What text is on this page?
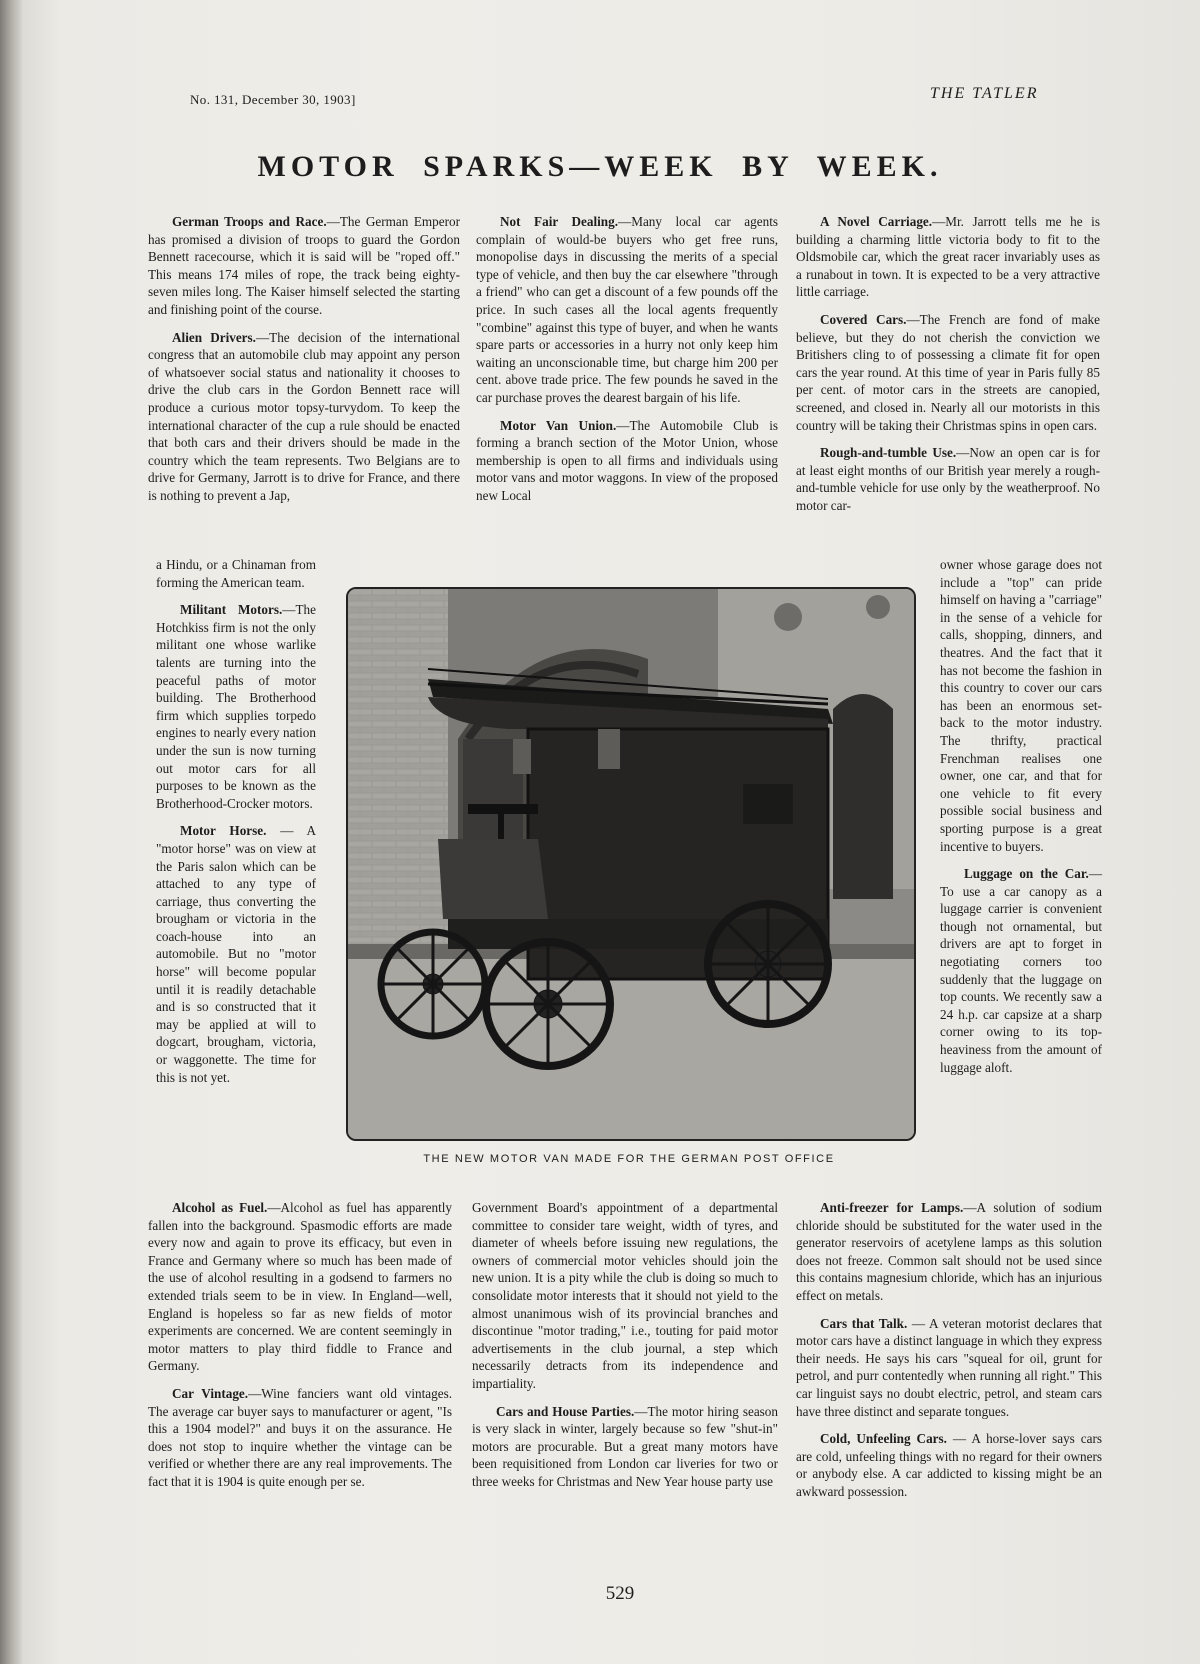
No. 131, December 30, 1903]	THE TATLER
MOTOR SPARKS—WEEK BY WEEK.

German Troops and Race.—The German Emperor has promised a division of troops to guard the Gordon Bennett racecourse, which it is said will be "roped off." This means 174 miles of rope, the track being eighty-seven miles long. The Kaiser himself selected the starting and finishing point of the course.

Alien Drivers.—The decision of the international congress that an automobile club may appoint any person of whatsoever social status and nationality it chooses to drive the club cars in the Gordon Bennett race will produce a curious motor topsy-turvydom. To keep the international character of the cup a rule should be enacted that both cars and their drivers should be made in the country which the team represents. Two Belgians are to drive for Germany, Jarrott is to drive for France, and there is nothing to prevent a Jap,

Not Fair Dealing.—Many local car agents complain of would-be buyers who get free runs, monopolise days in discussing the merits of a special type of vehicle, and then buy the car elsewhere "through a friend" who can get a discount of a few pounds off the price. In such cases all the local agents frequently "combine" against this type of buyer, and when he wants spare parts or accessories in a hurry not only keep him waiting an unconscionable time, but charge him 200 per cent. above trade price. The few pounds he saved in the car purchase proves the dearest bargain of his life.

Motor Van Union.—The Automobile Club is forming a branch section of the Motor Union, whose membership is open to all firms and individuals using motor vans and motor waggons. In view of the proposed new Local

A Novel Carriage.—Mr. Jarrott tells me he is building a charming little victoria body to fit to the Oldsmobile car, which the great racer invariably uses as a runabout in town. It is expected to be a very attractive little carriage.

Covered Cars.—The French are fond of make believe, but they do not cherish the conviction we Britishers cling to of possessing a climate fit for open cars the year round. At this time of year in Paris fully 85 per cent. of motor cars in the streets are canopied, screened, and closed in. Nearly all our motorists in this country will be taking their Christmas spins in open cars.

Rough-and-tumble Use.—Now an open car is for at least eight months of our British year merely a rough-and-tumble vehicle for use only by the weatherproof. No motor car-

a Hindu, or a Chinaman from forming the American team.

Militant Motors.—The Hotchkiss firm is not the only militant one whose warlike talents are turning into the peaceful paths of motor building. The Brotherhood firm which supplies torpedo engines to nearly every nation under the sun is now turning out motor cars for all purposes to be known as the Brotherhood-Crocker motors.

Motor Horse. — A "motor horse" was on view at the Paris salon which can be attached to any type of carriage, thus converting the brougham or victoria in the coach-house into an automobile. But no "motor horse" will become popular until it is readily detachable and is so constructed that it may be applied at will to dogcart, brougham, victoria, or waggonette. The time for this is not yet.

THE NEW MOTOR VAN MADE FOR THE GERMAN POST OFFICE

owner whose garage does not include a "top" can pride himself on having a "carriage" in the sense of a vehicle for calls, shopping, dinners, and theatres. And the fact that it has not become the fashion in this country to cover our cars has been an enormous set-back to the motor industry. The thrifty, practical Frenchman realises one owner, one car, and that for one vehicle to fit every possible social business and sporting purpose is a great incentive to buyers.

Luggage on the Car.—To use a car canopy as a luggage carrier is convenient though not ornamental, but drivers are apt to forget in negotiating corners too suddenly that the luggage on top counts. We recently saw a 24 h.p. car capsize at a sharp corner owing to its top-heaviness from the amount of luggage aloft.

Alcohol as Fuel.—Alcohol as fuel has apparently fallen into the background. Spasmodic efforts are made every now and again to prove its efficacy, but even in France and Germany where so much has been made of the use of alcohol resulting in a godsend to farmers no extended trials seem to be in view. In England—well, England is hopeless so far as new fields of motor experiments are concerned. We are content seemingly in motor matters to play third fiddle to France and Germany.

Car Vintage.—Wine fanciers want old vintages. The average car buyer says to manufacturer or agent, "Is this a 1904 model?" and buys it on the assurance. He does not stop to inquire whether the vintage can be verified or whether there are any real improvements. The fact that it is 1904 is quite enough per se.

Government Board's appointment of a departmental committee to consider tare weight, width of tyres, and diameter of wheels before issuing new regulations, the owners of commercial motor vehicles should join the new union. It is a pity while the club is doing so much to consolidate motor interests that it should not yield to the almost unanimous wish of its provincial branches and discontinue "motor trading," i.e., touting for paid motor advertisements in the club journal, a step which necessarily detracts from its independence and impartiality.

Cars and House Parties.—The motor hiring season is very slack in winter, largely because so few "shut-in" motors are procurable. But a great many motors have been requisitioned from London car liveries for two or three weeks for Christmas and New Year house party use

Anti-freezer for Lamps.—A solution of sodium chloride should be substituted for the water used in the generator reservoirs of acetylene lamps as this solution does not freeze. Common salt should not be used since this contains magnesium chloride, which has an injurious effect on metals.

Cars that Talk. — A veteran motorist declares that motor cars have a distinct language in which they express their needs. He says his cars "squeal for oil, grunt for petrol, and purr contentedly when running all right." This car linguist says no doubt electric, petrol, and steam cars have three distinct and separate tongues.

Cold, Unfeeling Cars. — A horse-lover says cars are cold, unfeeling things with no regard for their owners or anybody else. A car addicted to kissing might be an awkward possession.

529
